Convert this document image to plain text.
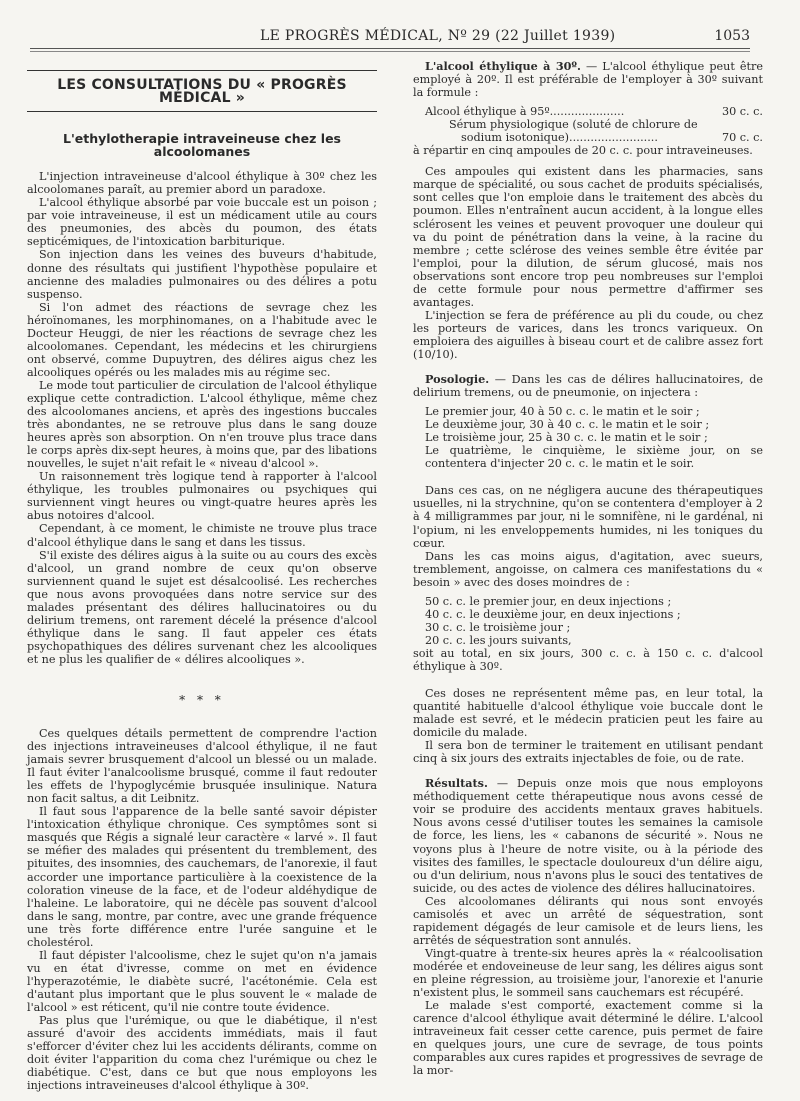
LE PROGRÈS MÉDICAL, Nº 29 (22 Juillet 1939)	1053
LES CONSULTATIONS DU « PROGRÈS MÉDICAL »
L'ethylotherapie intraveineuse chez les alcoolomanes

L'injection intraveineuse d'alcool éthylique à 30º chez les alcoolomanes paraît, au premier abord un paradoxe.

L'alcool éthylique absorbé par voie buccale est un poison ; par voie intraveineuse, il est un médicament utile au cours des pneumonies, des abcès du poumon, des états septicémiques, de l'intoxication barbiturique.

Son injection dans les veines des buveurs d'habitude, donne des résultats qui justifient l'hypothèse populaire et ancienne des maladies pulmonaires ou des délires a potu suspenso.

Si l'on admet des réactions de sevrage chez les héroïnomanes, les morphinomanes, on a l'habitude avec le Docteur Heuggi, de nier les réactions de sevrage chez les alcoolomanes. Cependant, les médecins et les chirurgiens ont observé, comme Dupuytren, des délires aigus chez les alcooliques opérés ou les malades mis au régime sec.

Le mode tout particulier de circulation de l'alcool éthylique explique cette contradiction. L'alcool éthylique, même chez des alcoolomanes anciens, et après des ingestions buccales très abondantes, ne se retrouve plus dans le sang douze heures après son absorption. On n'en trouve plus trace dans le corps après dix-sept heures, à moins que, par des libations nouvelles, le sujet n'ait refait le « niveau d'alcool ».

Un raisonnement très logique tend à rapporter à l'alcool éthylique, les troubles pulmonaires ou psychiques qui surviennent vingt heures ou vingt-quatre heures après les abus notoires d'alcool.

Cependant, à ce moment, le chimiste ne trouve plus trace d'alcool éthylique dans le sang et dans les tissus.

S'il existe des délires aigus à la suite ou au cours des excès d'alcool, un grand nombre de ceux qu'on observe surviennent quand le sujet est désalcoolisé. Les recherches que nous avons provoquées dans notre service sur des malades présentant des délires hallucinatoires ou du delirium tremens, ont rarement décelé la présence d'alcool éthylique dans le sang. Il faut appeler ces états psychopathiques des délires survenant chez les alcooliques et ne plus les qualifier de « délires alcooliques ».

* * *

Ces quelques détails permettent de comprendre l'action des injections intraveineuses d'alcool éthylique, il ne faut jamais sevrer brusquement d'alcool un blessé ou un malade. Il faut éviter l'analcoolisme brusqué, comme il faut redouter les effets de l'hypoglycémie brusquée insulinique. Natura non facit saltus, a dit Leibnitz.

Il faut sous l'apparence de la belle santé savoir dépister l'intoxication éthylique chronique. Ces symptômes sont si masqués que Régis a signalé leur caractère « larvé ». Il faut se méfier des malades qui présentent du tremblement, des pituites, des insomnies, des cauchemars, de l'anorexie, il faut accorder une importance particulière à la coexistence de la coloration vineuse de la face, et de l'odeur aldéhydique de l'haleine. Le laboratoire, qui ne décèle pas souvent d'alcool dans le sang, montre, par contre, avec une grande fréquence une très forte différence entre l'urée sanguine et le cholestérol.

Il faut dépister l'alcoolisme, chez le sujet qu'on n'a jamais vu en état d'ivresse, comme on met en évidence l'hyperazotémie, le diabète sucré, l'acétonémie. Cela est d'autant plus important que le plus souvent le « malade de l'alcool » est réticent, qu'il nie contre toute évidence.

Pas plus que l'urémique, ou que le diabétique, il n'est assuré d'avoir des accidents immédiats, mais il faut s'efforcer d'éviter chez lui les accidents délirants, comme on doit éviter l'apparition du coma chez l'urémique ou chez le diabétique. C'est, dans ce but que nous employons les injections intraveineuses d'alcool éthylique à 30º.

L'alcool éthylique à 30º. — L'alcool éthylique peut être employé à 20º. Il est préférable de l'employer à 30º suivant la formule :

Alcool éthylique à 95º.....................	30 c. c.
Sérum physiologique (soluté de chlorure de
sodium isotonique).........................	70 c. c.
à répartir en cinq ampoules de 20 c. c. pour intraveineuses.

Ces ampoules qui existent dans les pharmacies, sans marque de spécialité, ou sous cachet de produits spécialisés, sont celles que l'on emploie dans le traitement des abcès du poumon. Elles n'entraînent aucun accident, à la longue elles sclérosent les veines et peuvent provoquer une douleur qui va du point de pénétration dans la veine, à la racine du membre ; cette sclérose des veines semble être évitée par l'emploi, pour la dilution, de sérum glucosé, mais nos observations sont encore trop peu nombreuses sur l'emploi de cette formule pour nous permettre d'affirmer ses avantages.

L'injection se fera de préférence au pli du coude, ou chez les porteurs de varices, dans les troncs variqueux. On emploiera des aiguilles à biseau court et de calibre assez fort (10/10).

Posologie. — Dans les cas de délires hallucinatoires, de delirium tremens, ou de pneumonie, on injectera :

Le premier jour, 40 à 50 c. c. le matin et le soir ;
Le deuxième jour, 30 à 40 c. c. le matin et le soir ;
Le troisième jour, 25 à 30 c. c. le matin et le soir ;
Le quatrième, le cinquième, le sixième jour, on se contentera d'injecter 20 c. c. le matin et le soir.

Dans ces cas, on ne négligera aucune des thérapeutiques usuelles, ni la strychnine, qu'on se contentera d'employer à 2 à 4 milligrammes par jour, ni le somnifène, ni le gardénal, ni l'opium, ni les enveloppements humides, ni les toniques du cœur.

Dans les cas moins aigus, d'agitation, avec sueurs, tremblement, angoisse, on calmera ces manifestations du « besoin » avec des doses moindres de :

50 c. c. le premier jour, en deux injections ;
40 c. c. le deuxième jour, en deux injections ;
30 c. c. le troisième jour ;
20 c. c. les jours suivants,
soit au total, en six jours, 300 c. c. à 150 c. c. d'alcool éthylique à 30º.

Ces doses ne représentent même pas, en leur total, la quantité habituelle d'alcool éthylique voie buccale dont le malade est sevré, et le médecin praticien peut les faire au domicile du malade.

Il sera bon de terminer le traitement en utilisant pendant cinq à six jours des extraits injectables de foie, ou de rate.

Résultats. — Depuis onze mois que nous employons méthodiquement cette thérapeutique nous avons cessé de voir se produire des accidents mentaux graves habituels. Nous avons cessé d'utiliser toutes les semaines la camisole de force, les liens, les « cabanons de sécurité ». Nous ne voyons plus à l'heure de notre visite, ou à la période des visites des familles, le spectacle douloureux d'un délire aigu, ou d'un delirium, nous n'avons plus le souci des tentatives de suicide, ou des actes de violence des délires hallucinatoires.

Ces alcoolomanes délirants qui nous sont envoyés camisolés et avec un arrêté de séquestration, sont rapidement dégagés de leur camisole et de leurs liens, les arrêtés de séquestration sont annulés.

Vingt-quatre à trente-six heures après la « réalcoolisation modérée et endoveineuse de leur sang, les délires aigus sont en pleine régression, au troisième jour, l'anorexie et l'anurie n'existent plus, le sommeil sans cauchemars est récupéré.

Le malade s'est comporté, exactement comme si la carence d'alcool éthylique avait déterminé le délire. L'alcool intraveineux fait cesser cette carence, puis permet de faire en quelques jours, une cure de sevrage, de tous points comparables aux cures rapides et progressives de sevrage de la mor-
